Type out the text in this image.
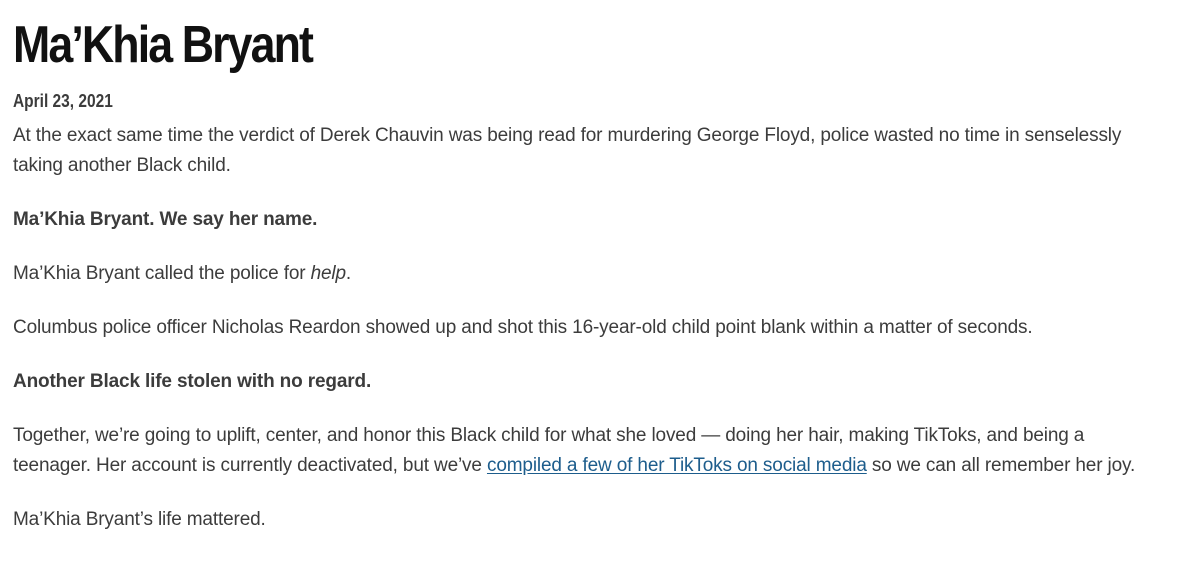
Ma’Khia Bryant
April 23, 2021

At the exact same time the verdict of Derek Chauvin was being read for murdering George Floyd, police wasted no time in senselessly taking another Black child.

Ma’Khia Bryant. We say her name.

Ma’Khia Bryant called the police for help.

Columbus police officer Nicholas Reardon showed up and shot this 16-year-old child point blank within a matter of seconds.

Another Black life stolen with no regard.

Together, we’re going to uplift, center, and honor this Black child for what she loved — doing her hair, making TikToks, and being a teenager. Her account is currently deactivated, but we’ve compiled a few of her TikToks on social media so we can all remember her joy.

Ma’Khia Bryant’s life mattered.
